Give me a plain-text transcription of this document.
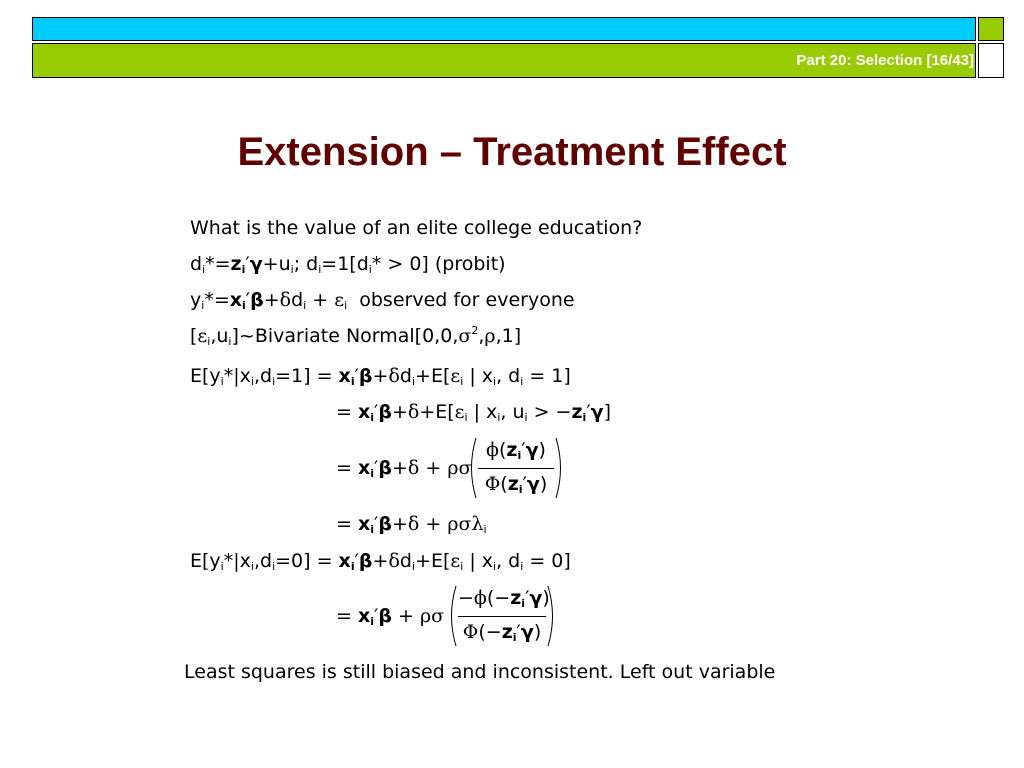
Part 20: Selection [16/43]
Extension – Treatment Effect
What is the value of an elite college education?
$d_i*=z_i'\gamma+u_i$; $d_i=1[d_i* > 0]$ (probit)
$y_i*=x_i'\beta+\delta d_i + \varepsilon_i$ observed for everyone
$[\varepsilon_i,u_i]\sim Bivariate$ $Normal[0,0,\sigma^2,\rho,1]$
$E[y_i*|x_i,d_i=1] = x_i'\beta+\delta d_i+E[\varepsilon_i$ | $x_i$, $d_i = 1$]
= $x_i'\beta+\delta+E[\varepsilon_i$ | $x_i$, $u_i > -z_i'\gamma$]
= $x_i'\beta+\delta + \rho\sigma$
$\phi(z_i'\gamma)$
$\Phi(z_i'\gamma)$
= $x_i'\beta+\delta + \rho\sigma\lambda_i$
$E[y_i*|x_i,d_i=0] = x_i'\beta+\delta d_i+E[\varepsilon_i$ | $x_i$, $d_i = 0$]
= $x_i'\beta + \rho\sigma$
$-\phi(-z_i'\gamma)$
$\Phi(-z_i'\gamma)$
Least squares is still biased and inconsistent. Left out variable
